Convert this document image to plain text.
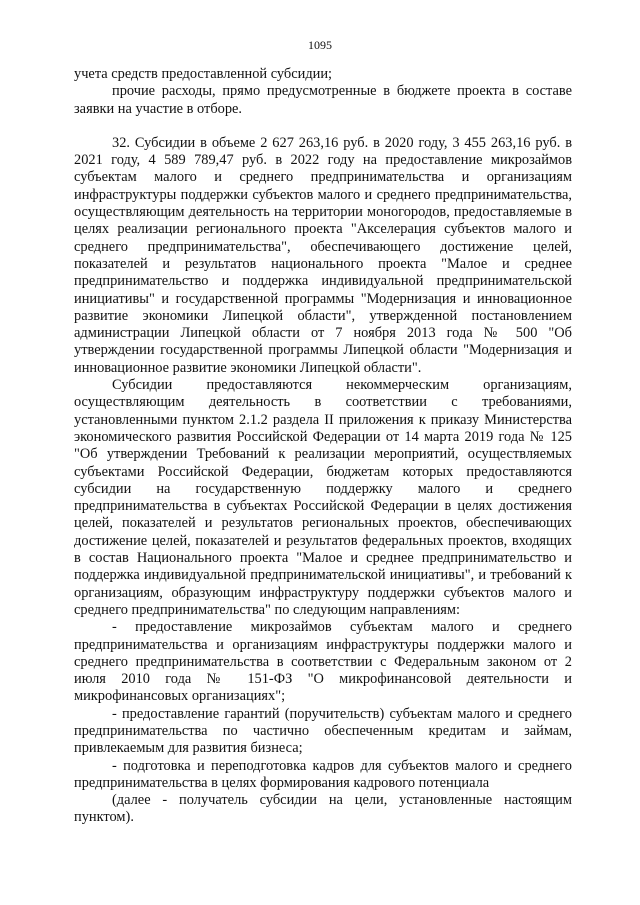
1095

учета средств предоставленной субсидии;

прочие расходы, прямо предусмотренные в бюджете проекта в составе заявки на участие в отборе.

32. Субсидии в объеме 2 627 263,16 руб. в 2020 году, 3 455 263,16 руб. в 2021 году, 4 589 789,47 руб. в 2022 году на предоставление микрозаймов субъектам малого и среднего предпринимательства и организациям инфраструктуры поддержки субъектов малого и среднего предпринимательства, осуществляющим деятельность на территории моногородов, предоставляемые в целях реализации регионального проекта "Акселерация субъектов малого и среднего предпринимательства", обеспечивающего достижение целей, показателей и результатов национального проекта "Малое и среднее предпринимательство и поддержка индивидуальной предпринимательской инициативы" и государственной программы "Модернизация и инновационное развитие экономики Липецкой области", утвержденной постановлением администрации Липецкой области от 7 ноября 2013 года № 500 "Об утверждении государственной программы Липецкой области "Модернизация и инновационное развитие экономики Липецкой области".

Субсидии предоставляются некоммерческим организациям, осуществляющим деятельность в соответствии с требованиями, установленными пунктом 2.1.2 раздела II приложения к приказу Министерства экономического развития Российской Федерации от 14 марта 2019 года № 125 "Об утверждении Требований к реализации мероприятий, осуществляемых субъектами Российской Федерации, бюджетам которых предоставляются субсидии на государственную поддержку малого и среднего предпринимательства в субъектах Российской Федерации в целях достижения целей, показателей и результатов региональных проектов, обеспечивающих достижение целей, показателей и результатов федеральных проектов, входящих в состав Национального проекта "Малое и среднее предпринимательство и поддержка индивидуальной предпринимательской инициативы", и требований к организациям, образующим инфраструктуру поддержки субъектов малого и среднего предпринимательства" по следующим направлениям:

- предоставление микрозаймов субъектам малого и среднего предпринимательства и организациям инфраструктуры поддержки малого и среднего предпринимательства в соответствии с Федеральным законом от 2 июля 2010 года № 151-ФЗ "О микрофинансовой деятельности и микрофинансовых организациях";

- предоставление гарантий (поручительств) субъектам малого и среднего предпринимательства по частично обеспеченным кредитам и займам, привлекаемым для развития бизнеса;

- подготовка и переподготовка кадров для субъектов малого и среднего предпринимательства в целях формирования кадрового потенциала

(далее - получатель субсидии на цели, установленные настоящим пунктом).
